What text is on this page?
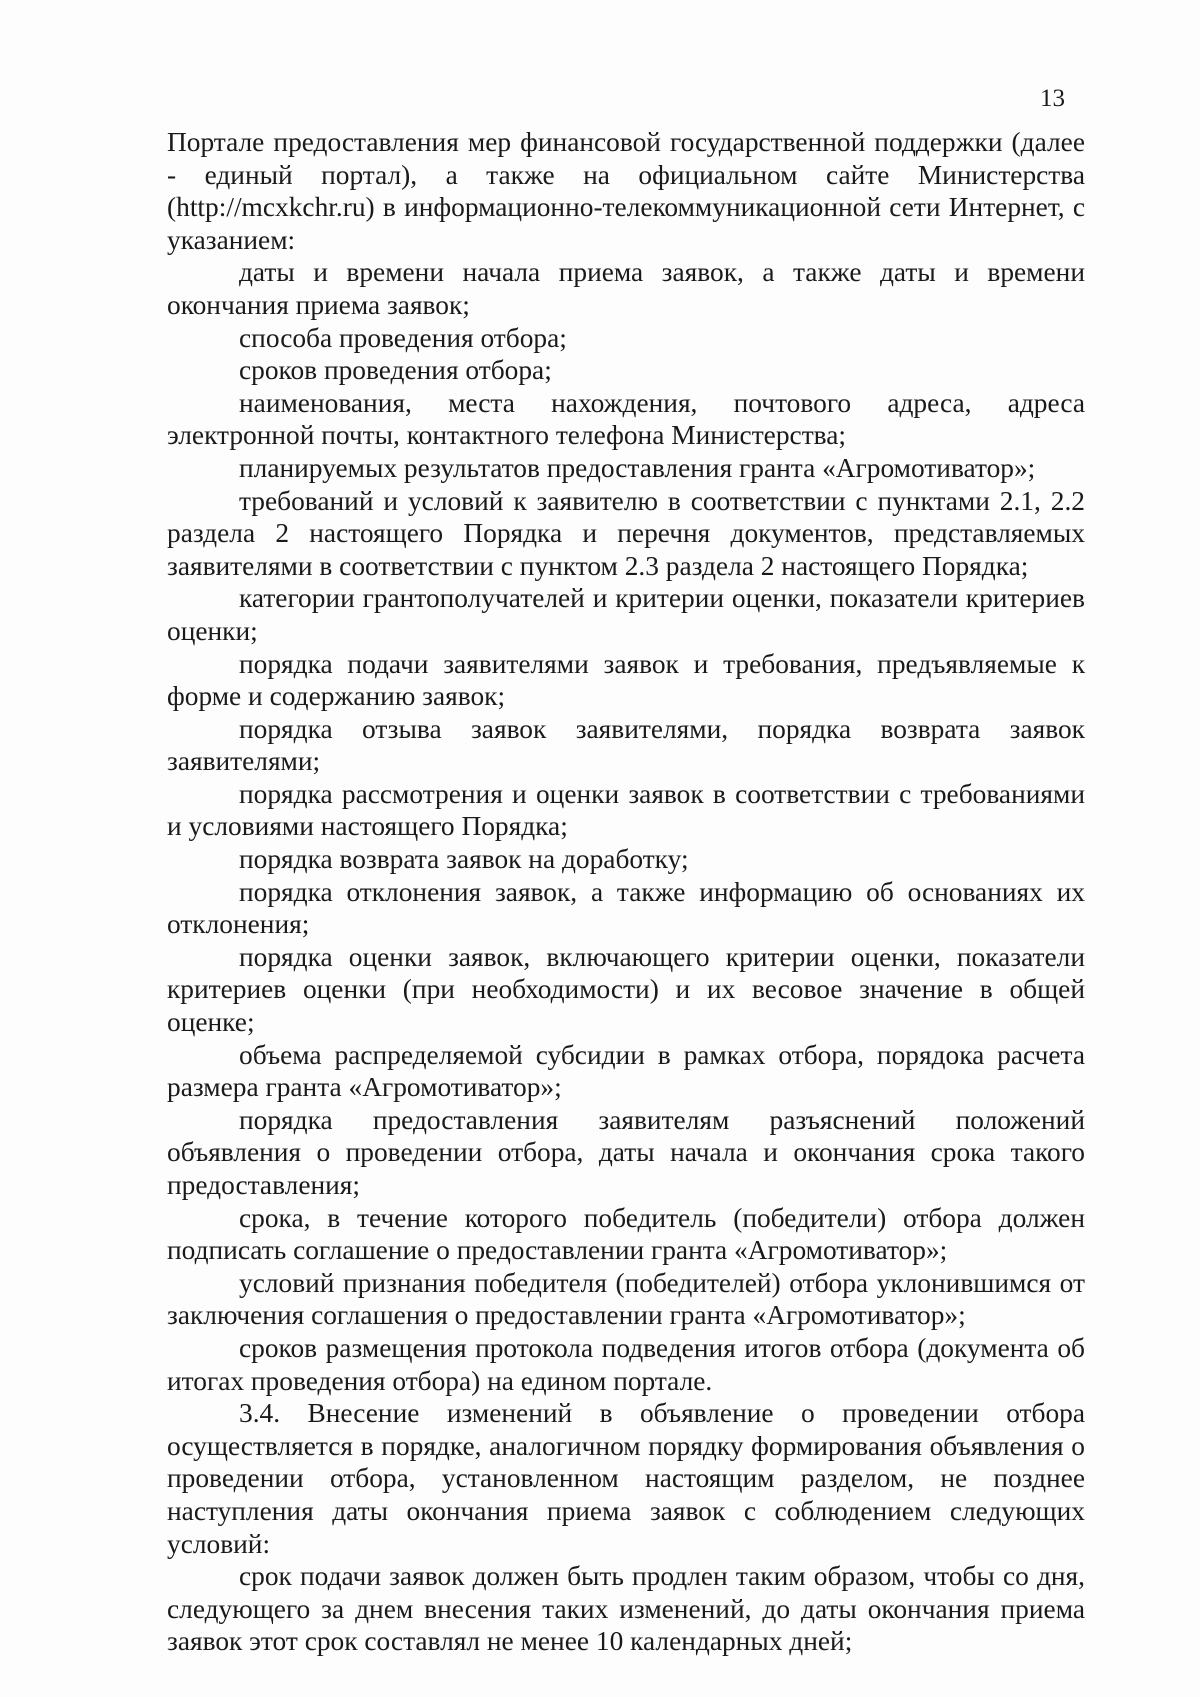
13

Портале предоставления мер финансовой государственной поддержки (далее - единый портал), а также на официальном сайте Министерства (http://mcxkchr.ru) в информационно-телекоммуникационной сети Интернет, с указанием:

даты и времени начала приема заявок, а также даты и времени окончания приема заявок;

способа проведения отбора;

сроков проведения отбора;

наименования, места нахождения, почтового адреса, адреса электронной почты, контактного телефона Министерства;

планируемых результатов предоставления гранта «Агромотиватор»;

требований и условий к заявителю в соответствии с пунктами 2.1, 2.2 раздела 2 настоящего Порядка и перечня документов, представляемых заявителями в соответствии с пунктом 2.3 раздела 2 настоящего Порядка;

категории грантополучателей и критерии оценки, показатели критериев оценки;

порядка подачи заявителями заявок и требования, предъявляемые к форме и содержанию заявок;

порядка отзыва заявок заявителями, порядка возврата заявок заявителями;

порядка рассмотрения и оценки заявок в соответствии с требованиями и условиями настоящего Порядка;

порядка возврата заявок на доработку;

порядка отклонения заявок, а также информацию об основаниях их отклонения;

порядка оценки заявок, включающего критерии оценки, показатели критериев оценки (при необходимости) и их весовое значение в общей оценке;

объема распределяемой субсидии в рамках отбора, порядока расчета размера гранта «Агромотиватор»;

порядка предоставления заявителям разъяснений положений объявления о проведении отбора, даты начала и окончания срока такого предоставления;

срока, в течение которого победитель (победители) отбора должен подписать соглашение о предоставлении гранта «Агромотиватор»;

условий признания победителя (победителей) отбора уклонившимся от заключения соглашения о предоставлении гранта «Агромотиватор»;

сроков размещения протокола подведения итогов отбора (документа об итогах проведения отбора) на едином портале.

3.4. Внесение изменений в объявление о проведении отбора осуществляется в порядке, аналогичном порядку формирования объявления о проведении отбора, установленном настоящим разделом, не позднее наступления даты окончания приема заявок с соблюдением следующих условий:

срок подачи заявок должен быть продлен таким образом, чтобы со дня, следующего за днем внесения таких изменений, до даты окончания приема заявок этот срок составлял не менее 10 календарных дней;
